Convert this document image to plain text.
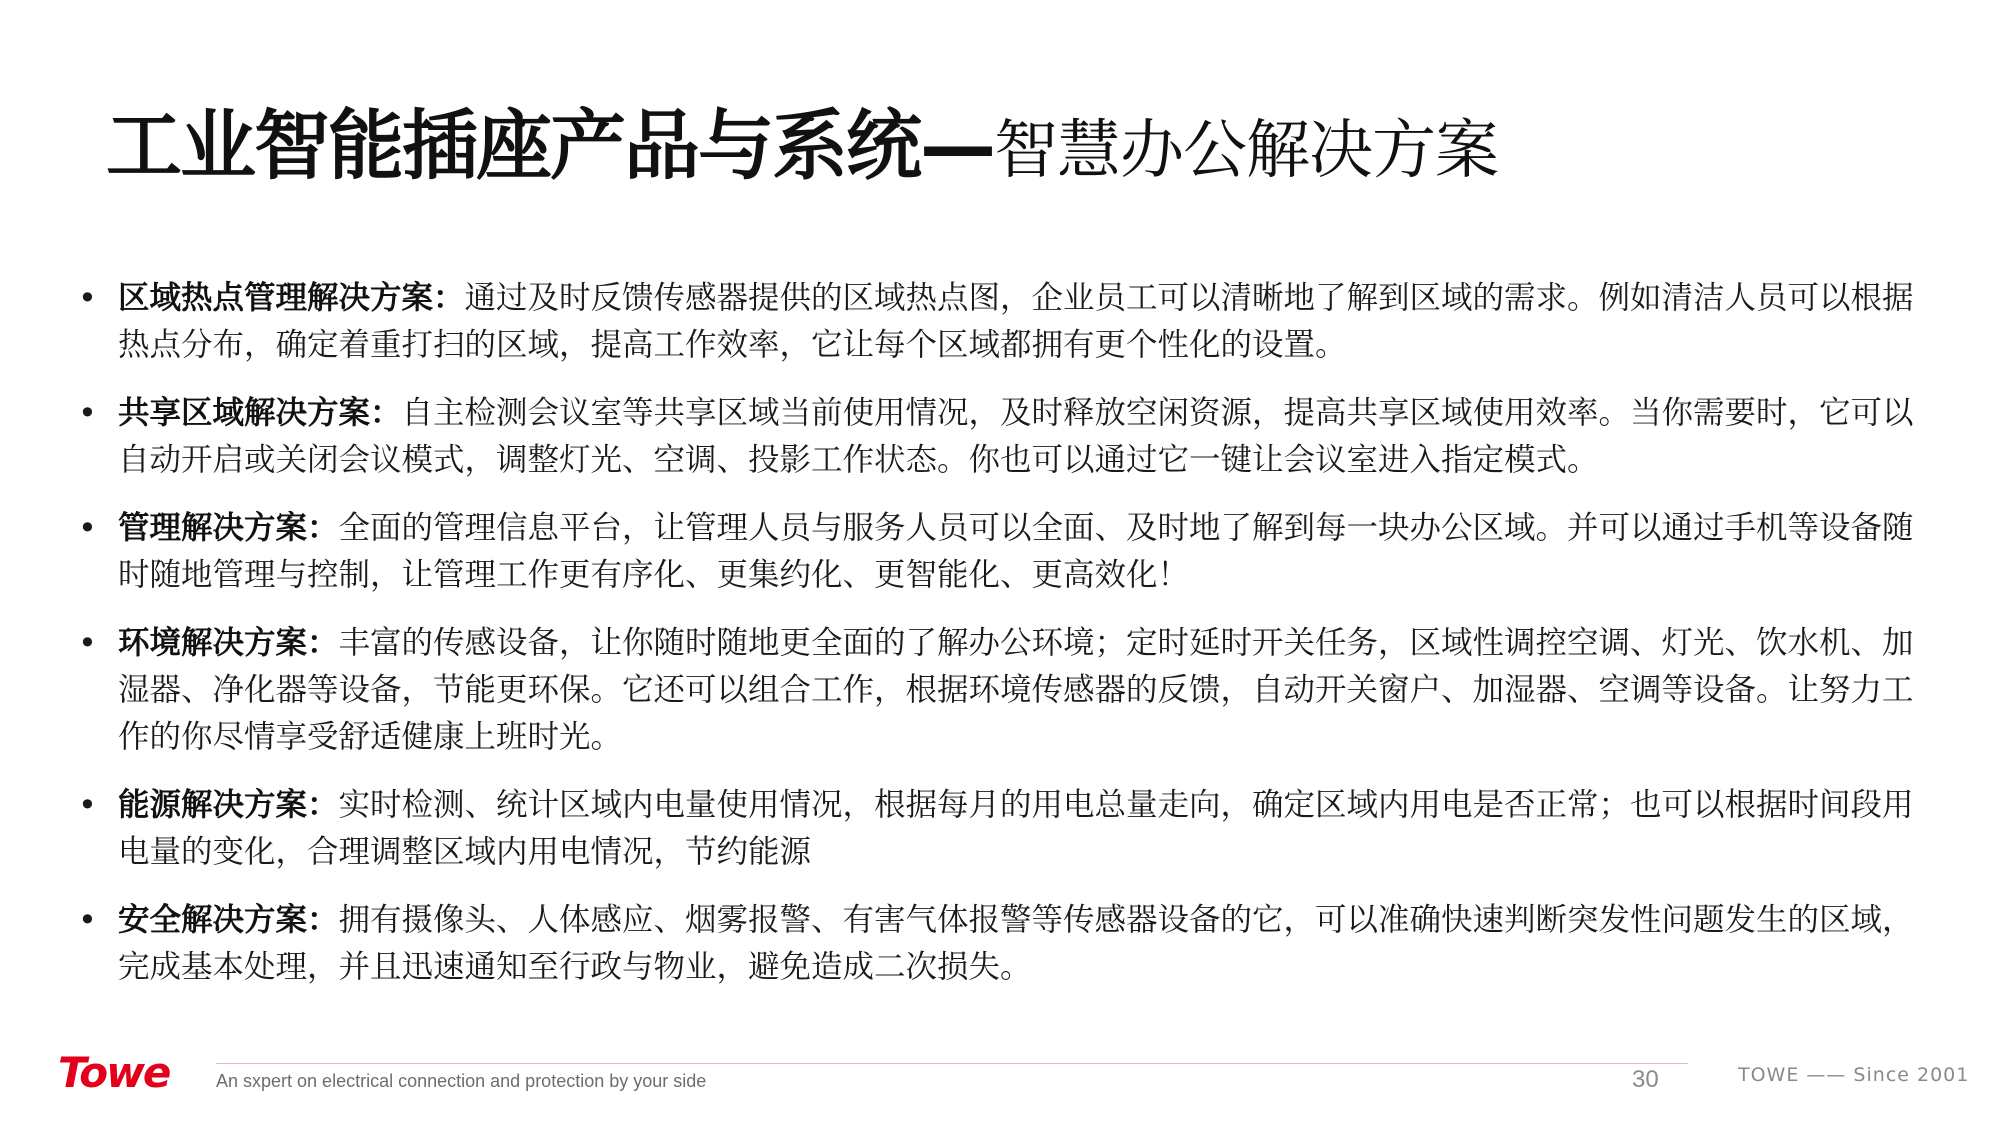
工业智能插座产品与系统—智慧办公解决方案
• 区域热点管理解决方案：通过及时反馈传感器提供的区域热点图，企业员工可以清晰地了解到区域的需求。例如清洁人员可以根据热点分布，确定着重打扫的区域，提高工作效率，它让每个区域都拥有更个性化的设置。
• 共享区域解决方案：自主检测会议室等共享区域当前使用情况，及时释放空闲资源，提高共享区域使用效率。当你需要时，它可以自动开启或关闭会议模式，调整灯光、空调、投影工作状态。你也可以通过它一键让会议室进入指定模式。
• 管理解决方案：全面的管理信息平台，让管理人员与服务人员可以全面、及时地了解到每一块办公区域。并可以通过手机等设备随时随地管理与控制，让管理工作更有序化、更集约化、更智能化、更高效化！
• 环境解决方案：丰富的传感设备，让你随时随地更全面的了解办公环境；定时延时开关任务，区域性调控空调、灯光、饮水机、加湿器、净化器等设备，节能更环保。它还可以组合工作，根据环境传感器的反馈，自动开关窗户、加湿器、空调等设备。让努力工作的你尽情享受舒适健康上班时光。
• 能源解决方案：实时检测、统计区域内电量使用情况，根据每月的用电总量走向，确定区域内用电是否正常；也可以根据时间段用电量的变化，合理调整区域内用电情况，节约能源
• 安全解决方案：拥有摄像头、人体感应、烟雾报警、有害气体报警等传感器设备的它，可以准确快速判断突发性问题发生的区域，完成基本处理，并且迅速通知至行政与物业，避免造成二次损失。
Towe	An sxpert on electrical connection and protection by your side	30	TOWE —— Since 2001
